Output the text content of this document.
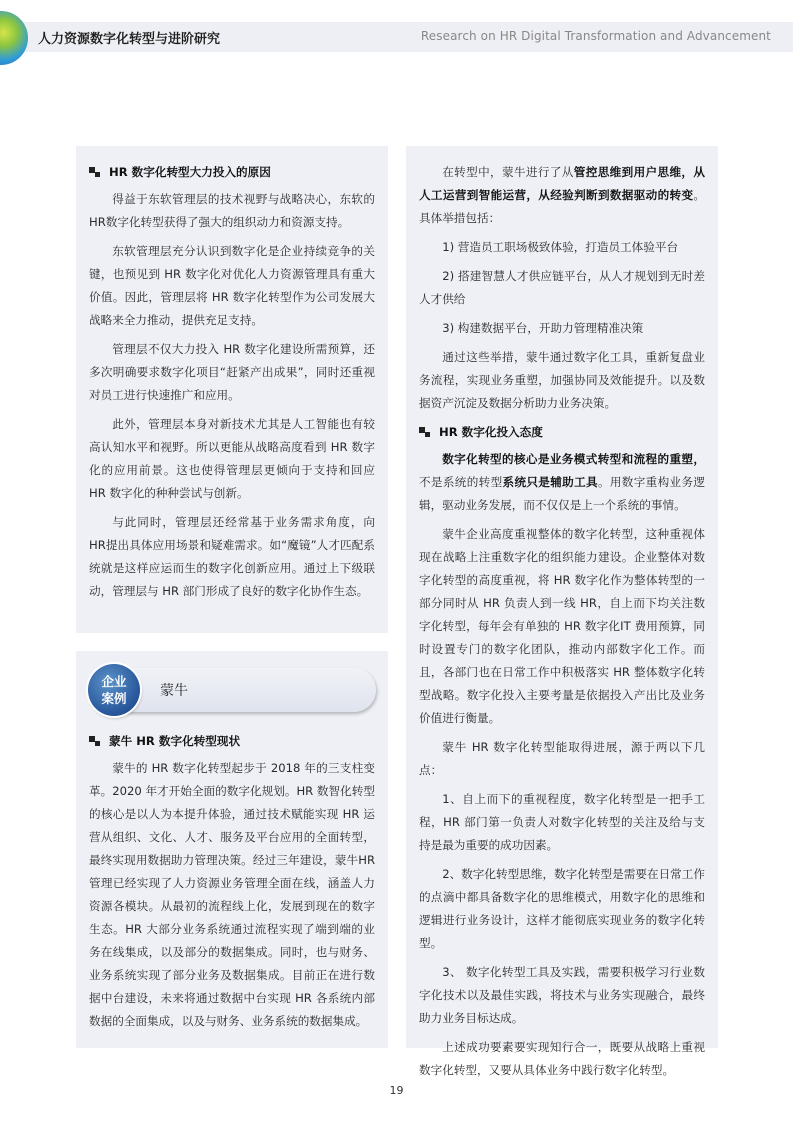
人力资源数字化转型与进阶研究	Research on HR Digital Transformation and Advancement
HR 数字化转型大力投入的原因

得益于东软管理层的技术视野与战略决心，东软的HR数字化转型获得了强大的组织动力和资源支持。

东软管理层充分认识到数字化是企业持续竞争的关键，也预见到 HR 数字化对优化人力资源管理具有重大价值。因此，管理层将 HR 数字化转型作为公司发展大战略来全力推动，提供充足支持。

管理层不仅大力投入 HR 数字化建设所需预算，还多次明确要求数字化项目“赶紧产出成果”，同时还重视对员工进行快速推广和应用。

此外，管理层本身对新技术尤其是人工智能也有较高认知水平和视野。所以更能从战略高度看到 HR 数字化的应用前景。这也使得管理层更倾向于支持和回应 HR 数字化的种种尝试与创新。

与此同时，管理层还经常基于业务需求角度，向 HR提出具体应用场景和疑难需求。如“魔镜”人才匹配系统就是这样应运而生的数字化创新应用。通过上下级联动，管理层与 HR 部门形成了良好的数字化协作生态。

企业
案例 蒙牛
蒙牛 HR 数字化转型现状

蒙牛的 HR 数字化转型起步于 2018 年的三支柱变革。2020 年才开始全面的数字化规划。HR 数智化转型的核心是以人为本提升体验，通过技术赋能实现 HR 运营从组织、文化、人才、服务及平台应用的全面转型，最终实现用数据助力管理决策。经过三年建设，蒙牛HR管理已经实现了人力资源业务管理全面在线，涵盖人力资源各模块。从最初的流程线上化，发展到现在的数字生态。HR 大部分业务系统通过流程实现了端到端的业务在线集成，以及部分的数据集成。同时，也与财务、业务系统实现了部分业务及数据集成。目前正在进行数据中台建设，未来将通过数据中台实现 HR 各系统内部数据的全面集成，以及与财务、业务系统的数据集成。

在转型中，蒙牛进行了从管控思维到用户思维，从人工运营到智能运营，从经验判断到数据驱动的转变。具体举措包括：

1) 营造员工职场极致体验，打造员工体验平台

2) 搭建智慧人才供应链平台，从人才规划到无时差人才供给

3) 构建数据平台，开助力管理精准决策

通过这些举措，蒙牛通过数字化工具，重新复盘业务流程，实现业务重塑，加强协同及效能提升。以及数据资产沉淀及数据分析助力业务决策。

HR 数字化投入态度

数字化转型的核心是业务模式转型和流程的重塑，不是系统的转型系统只是辅助工具。用数字重构业务逻辑，驱动业务发展，而不仅仅是上一个系统的事情。

蒙牛企业高度重视整体的数字化转型，这种重视体现在战略上注重数字化的组织能力建设。企业整体对数字化转型的高度重视，将 HR 数字化作为整体转型的一部分同时从 HR 负责人到一线 HR，自上而下均关注数字化转型，每年会有单独的 HR 数字化IT 费用预算，同时设置专门的数字化团队，推动内部数字化工作。而且，各部门也在日常工作中积极落实 HR 整体数字化转型战略。数字化投入主要考量是依据投入产出比及业务价值进行衡量。

蒙牛 HR 数字化转型能取得进展，源于两以下几点：

1、自上而下的重视程度，数字化转型是一把手工程，HR 部门第一负责人对数字化转型的关注及给与支持是最为重要的成功因素。

2、数字化转型思维，数字化转型是需要在日常工作的点滴中都具备数字化的思维模式，用数字化的思维和逻辑进行业务设计，这样才能彻底实现业务的数字化转型。

3、 数字化转型工具及实践，需要积极学习行业数字化技术以及最佳实践，将技术与业务实现融合，最终助力业务目标达成。

上述成功要素要实现知行合一，既要从战略上重视数字化转型，又要从具体业务中践行数字化转型。

19
